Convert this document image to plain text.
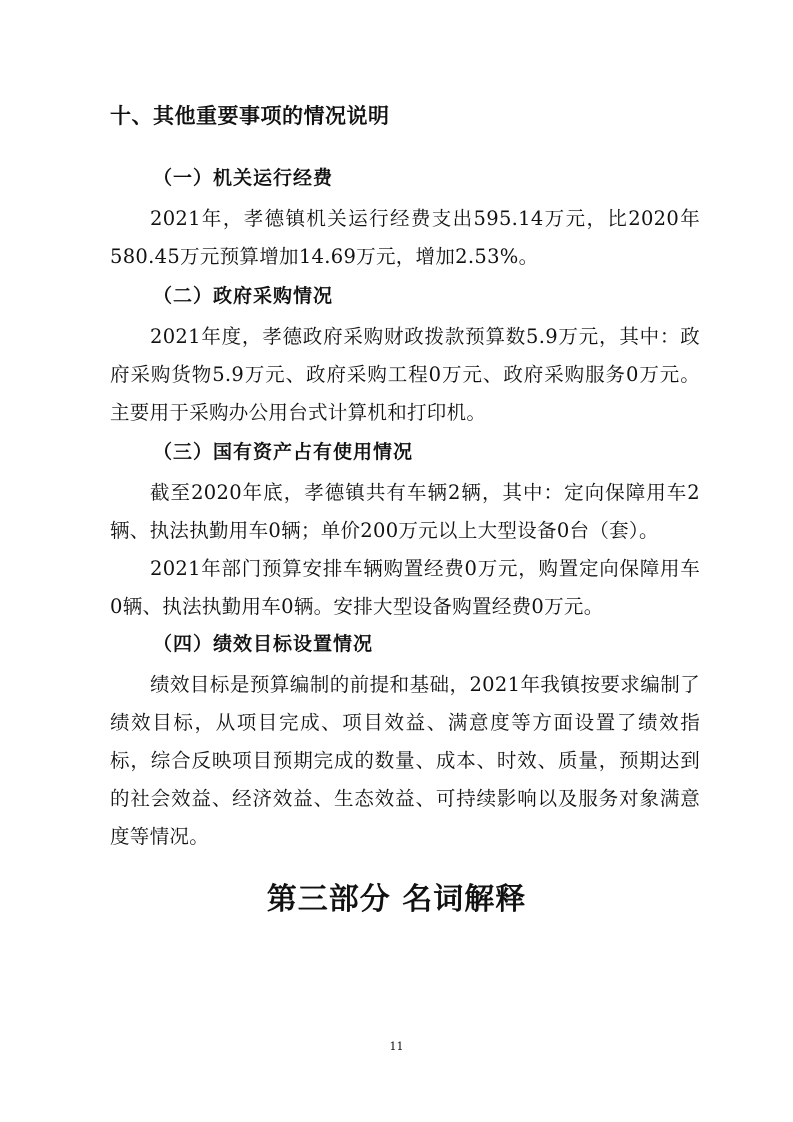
十、其他重要事项的情况说明
（一）机关运行经费
2021年，孝德镇机关运行经费支出595.14万元，比2020年580.45万元预算增加14.69万元，增加2.53%。
（二）政府采购情况
2021年度，孝德政府采购财政拨款预算数5.9万元，其中：政府采购货物5.9万元、政府采购工程0万元、政府采购服务0万元。主要用于采购办公用台式计算机和打印机。
（三）国有资产占有使用情况
截至2020年底，孝德镇共有车辆2辆，其中：定向保障用车2辆、执法执勤用车0辆；单价200万元以上大型设备0台（套）。
2021年部门预算安排车辆购置经费0万元，购置定向保障用车0辆、执法执勤用车0辆。安排大型设备购置经费0万元。
（四）绩效目标设置情况
绩效目标是预算编制的前提和基础，2021年我镇按要求编制了绩效目标，从项目完成、项目效益、满意度等方面设置了绩效指标，综合反映项目预期完成的数量、成本、时效、质量，预期达到的社会效益、经济效益、生态效益、可持续影响以及服务对象满意度等情况。
第三部分 名词解释
11
